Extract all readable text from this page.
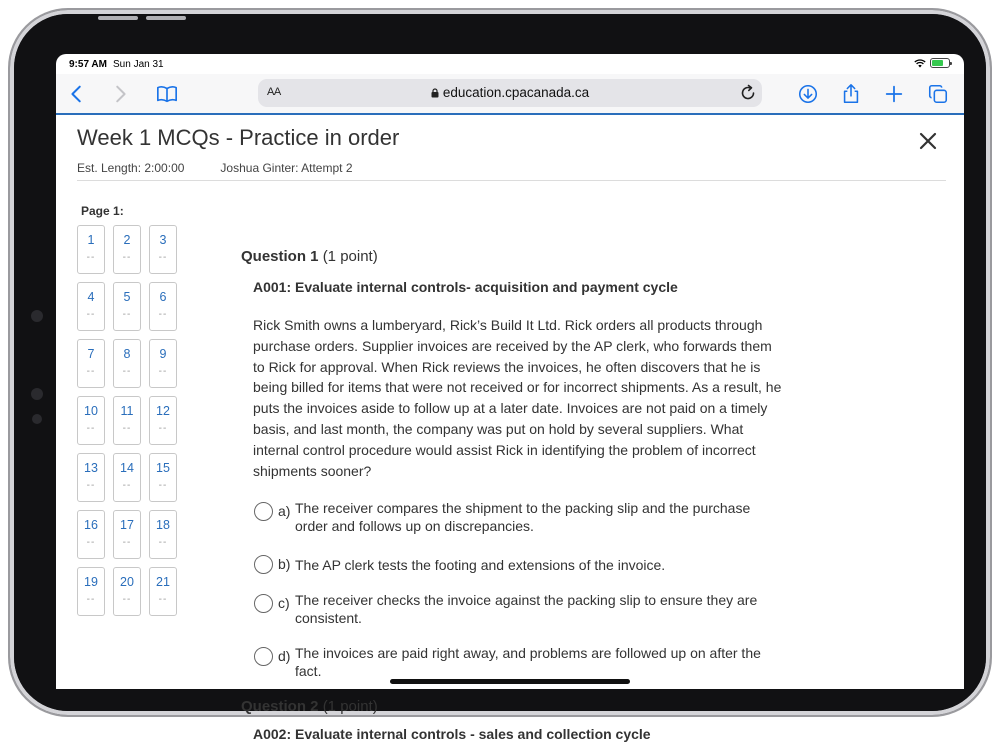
9:57 AM Sun Jan 31
AA	education.cpacanada.ca
Week 1 MCQs - Practice in order
Est. Length: 2:00:00	Joshua Ginter: Attempt 2
Page 1:
1
--
2
--
3
--
4
--
5
--
6
--
7
--
8
--
9
--
10
--
11
--
12
--
13
--
14
--
15
--
16
--
17
--
18
--
19
--
20
--
21
--
Question 1 (1 point)
A001: Evaluate internal controls- acquisition and payment cycle
Rick Smith owns a lumberyard, Rick’s Build It Ltd. Rick orders all products through purchase orders. Supplier invoices are received by the AP clerk, who forwards them to Rick for approval. When Rick reviews the invoices, he often discovers that he is being billed for items that were not received or for incorrect shipments. As a result, he puts the invoices aside to follow up at a later date. Invoices are not paid on a timely basis, and last month, the company was put on hold by several suppliers. What internal control procedure would assist Rick in identifying the problem of incorrect shipments sooner?
a) The receiver compares the shipment to the packing slip and the purchase order and follows up on discrepancies.
b) The AP clerk tests the footing and extensions of the invoice.
c) The receiver checks the invoice against the packing slip to ensure they are consistent.
d) The invoices are paid right away, and problems are followed up on after the fact.
Question 2 (1 point)
A002: Evaluate internal controls - sales and collection cycle
